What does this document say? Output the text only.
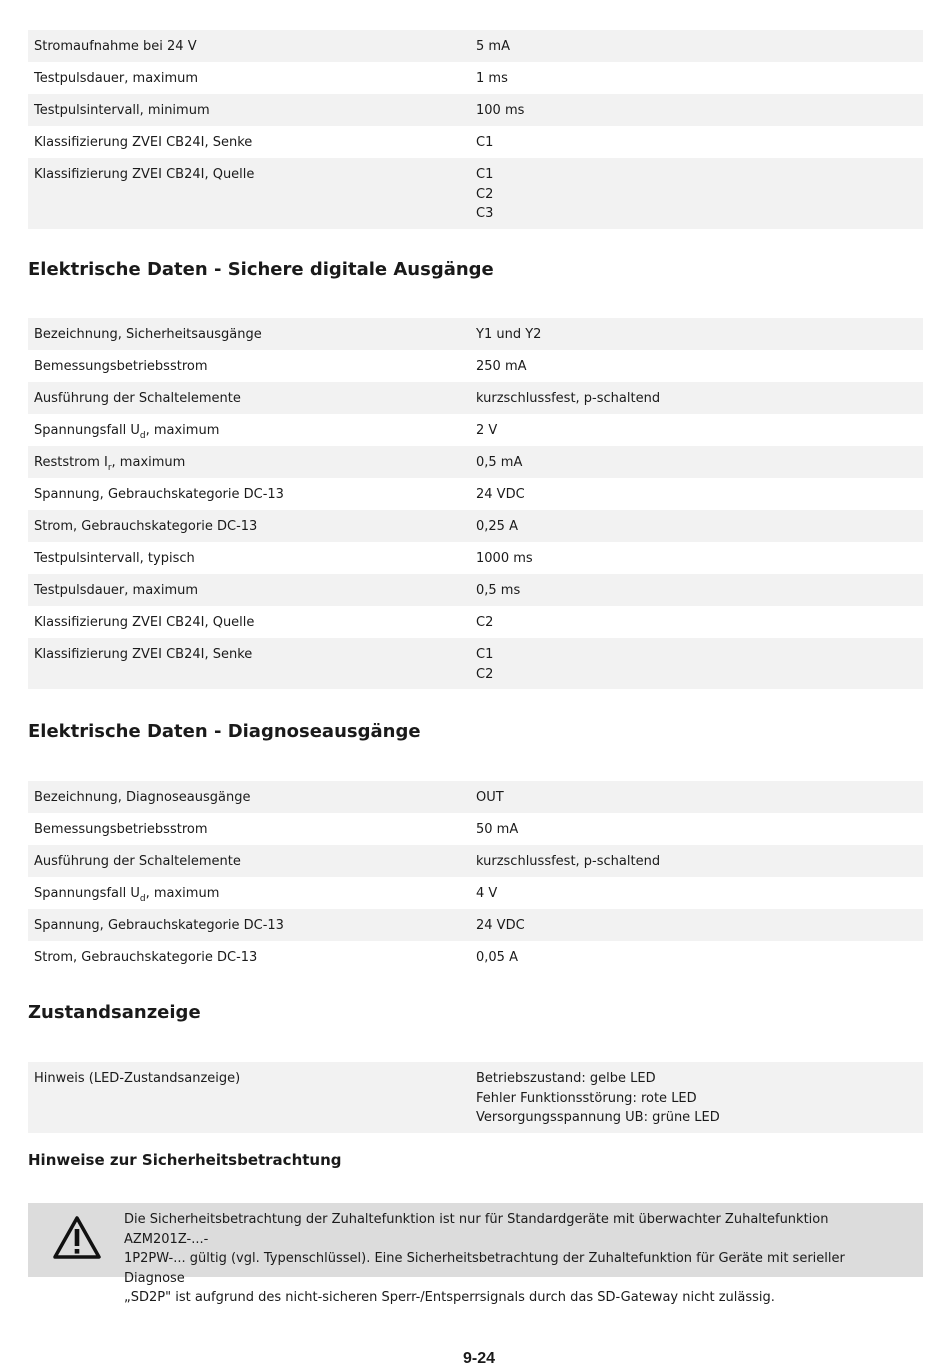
Stromaufnahme bei 24 V	5 mA
Testpulsdauer, maximum	1 ms
Testpulsintervall, minimum	100 ms
Klassifizierung ZVEI CB24I, Senke	C1
Klassifizierung ZVEI CB24I, Quelle	C1
C2
C3
Elektrische Daten - Sichere digitale Ausgänge
Bezeichnung, Sicherheitsausgänge	Y1 und Y2
Bemessungsbetriebsstrom	250 mA
Ausführung der Schaltelemente	kurzschlussfest, p-schaltend
Spannungsfall $U_d$, maximum	2 V
Reststrom $I_r$, maximum	0,5 mA
Spannung, Gebrauchskategorie DC-13	24 VDC
Strom, Gebrauchskategorie DC-13	0,25 A
Testpulsintervall, typisch	1000 ms
Testpulsdauer, maximum	0,5 ms
Klassifizierung ZVEI CB24I, Quelle	C2
Klassifizierung ZVEI CB24I, Senke	C1
C2
Elektrische Daten - Diagnoseausgänge
Bezeichnung, Diagnoseausgänge	OUT
Bemessungsbetriebsstrom	50 mA
Ausführung der Schaltelemente	kurzschlussfest, p-schaltend
Spannungsfall $U_d$, maximum	4 V
Spannung, Gebrauchskategorie DC-13	24 VDC
Strom, Gebrauchskategorie DC-13	0,05 A
Zustandsanzeige
Hinweis (LED-Zustandsanzeige)	Betriebszustand: gelbe LED
Fehler Funktionsstörung: rote LED
Versorgungsspannung UB: grüne LED
Hinweise zur Sicherheitsbetrachtung
Die Sicherheitsbetrachtung der Zuhaltefunktion ist nur für Standardgeräte mit überwachter Zuhaltefunktion AZM201Z-...-
1P2PW-... gültig (vgl. Typenschlüssel). Eine Sicherheitsbetrachtung der Zuhaltefunktion für Geräte mit serieller Diagnose
„SD2P" ist aufgrund des nicht-sicheren Sperr-/Entsperrsignals durch das SD-Gateway nicht zulässig.
9-24
